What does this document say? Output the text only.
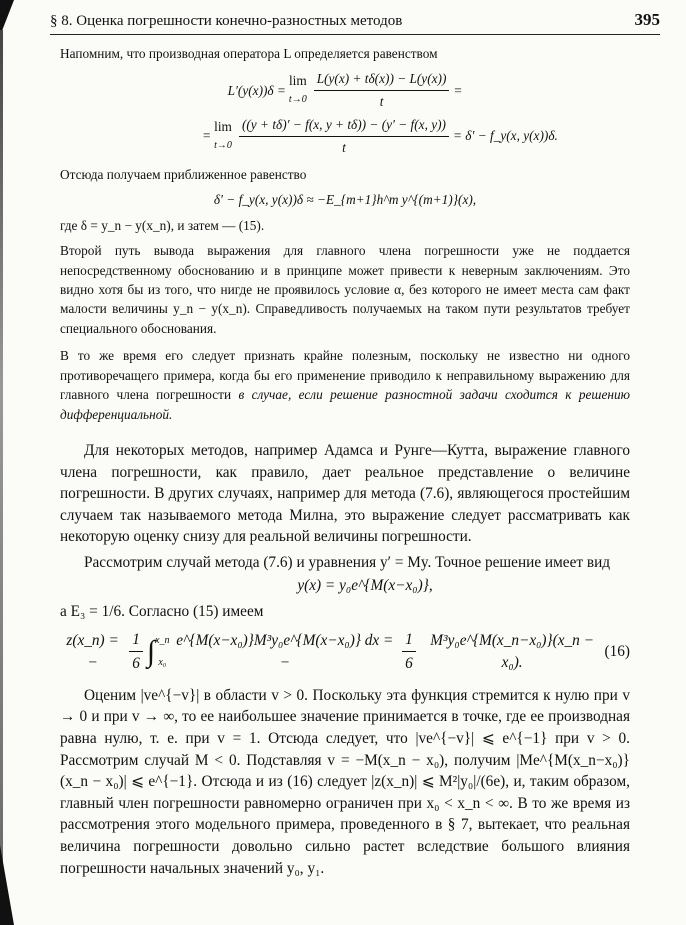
§ 8. Оценка погрешности конечно-разностных методов	395

Напомним, что производная оператора L определяется равенством

L′(y(x))δ =
lim
$t\to 0 \frac{L(y(x) + t\delta(x)) - L(y(x))}{t}$ =
=
lim
$t\to 0 \frac{((y + t\delta)' - f(x, y + t\delta)) - (y' - f(x, y))}{t} = \delta'$ − f_y(x, y(x))δ.

Отсюда получаем приближенное равенство

δ′ − f_y(x, y(x))δ ≈ −E_{m+1}h^m y^{(m+1)}(x),

где δ = y_n − y(x_n), и затем — (15).

Второй путь вывода выражения для главного члена погрешности уже не поддается непосредственному обоснованию и в принципе может привести к неверным заключениям. Это видно хотя бы из того, что нигде не проявилось условие α, без которого не имеет места сам факт малости величины y_n − y(x_n). Справедливость получаемых на таком пути результатов требует специального обоснования.

В то же время его следует признать крайне полезным, поскольку не известно ни одного противоречащего примера, когда бы его применение приводило к неправильному выражению для главного члена погрешности в случае, если решение разностной задачи сходится к решению дифференциальной.

Для некоторых методов, например Адамса и Рунге—Кутта, выражение главного члена погрешности, как правило, дает реальное представление о величине погрешности. В других случаях, например для метода (7.6), являющегося простейшим случаем так называемого метода Милна, это выражение следует рассматривать как некоторую оценку снизу для реальной величины погрешности.

Рассмотрим случай метода (7.6) и уравнения y′ = My. Точное решение имеет вид

y(x) = y₀e^{M(x−x₀)},

а E₃ = 1/6. Согласно (15) имеем

z(x_n) = −	$\frac{1}{6}$ ∫ x_n
x₀
e^{M(x−x₀)}M³y₀e^{M(x−x₀)} dx = −	$\frac{1}{6}$ M³y₀e^{M(x_n−x₀)}(x_n − x₀).
(16)

Оценим |ve^{−v}| в области v > 0. Поскольку эта функция стремится к нулю при v → 0 и при v → ∞, то ее наибольшее значение принимается в точке, где ее производная равна нулю, т. е. при v = 1. Отсюда следует, что |ve^{−v}| ⩽ e^{−1} при v > 0. Рассмотрим случай M < 0. Подставляя v = −M(x_n − x₀), получим |Me^{M(x_n−x₀)}(x_n − x₀)| ⩽ e^{−1}. Отсюда и из (16) следует |z(x_n)| ⩽ M²|y₀|/(6e), и, таким образом, главный член погрешности равномерно ограничен при x₀ < x_n < ∞. В то же время из рассмотрения этого модельного примера, проведенного в § 7, вытекает, что реальная величина погрешности довольно сильно растет вследствие большого влияния погрешности начальных значений y₀, y₁.
